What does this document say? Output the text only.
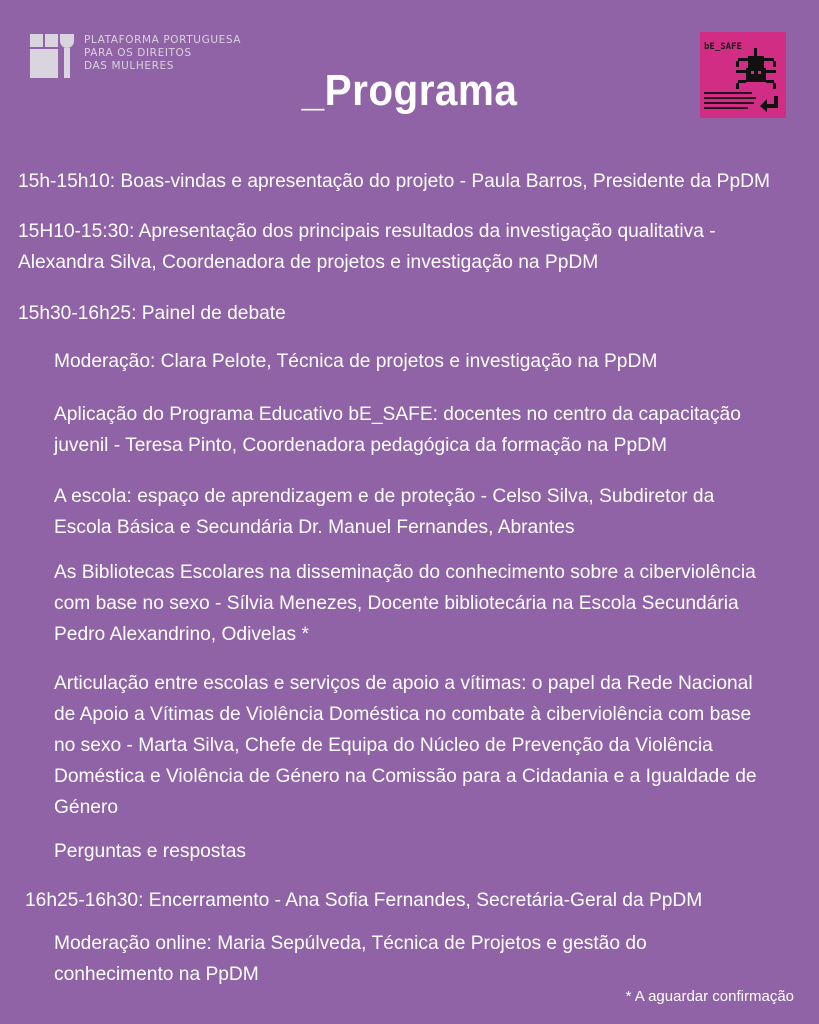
PLATAFORMA PORTUGUESA
PARA OS DIREITOS
DAS MULHERES	_Programa
bE_SAFE
15h-15h10: Boas-vindas e apresentação do projeto - Paula Barros, Presidente da PpDM
15H10-15:30: Apresentação dos principais resultados da investigação qualitativa -
Alexandra Silva, Coordenadora de projetos e investigação na PpDM
15h30-16h25: Painel de debate
Moderação: Clara Pelote, Técnica de projetos e investigação na PpDM
Aplicação do Programa Educativo bE_SAFE: docentes no centro da capacitação
juvenil - Teresa Pinto, Coordenadora pedagógica da formação na PpDM
A escola: espaço de aprendizagem e de proteção - Celso Silva, Subdiretor da
Escola Básica e Secundária Dr. Manuel Fernandes, Abrantes
As Bibliotecas Escolares na disseminação do conhecimento sobre a ciberviolência
com base no sexo - Sílvia Menezes, Docente bibliotecária na Escola Secundária
Pedro Alexandrino, Odivelas *
Articulação entre escolas e serviços de apoio a vítimas: o papel da Rede Nacional
de Apoio a Vítimas de Violência Doméstica no combate à ciberviolência com base
no sexo - Marta Silva, Chefe de Equipa do Núcleo de Prevenção da Violência
Doméstica e Violência de Género na Comissão para a Cidadania e a Igualdade de
Género
Perguntas e respostas
16h25-16h30: Encerramento - Ana Sofia Fernandes, Secretária-Geral da PpDM
Moderação online: Maria Sepúlveda, Técnica de Projetos e gestão do
conhecimento na PpDM
* A aguardar confirmação
